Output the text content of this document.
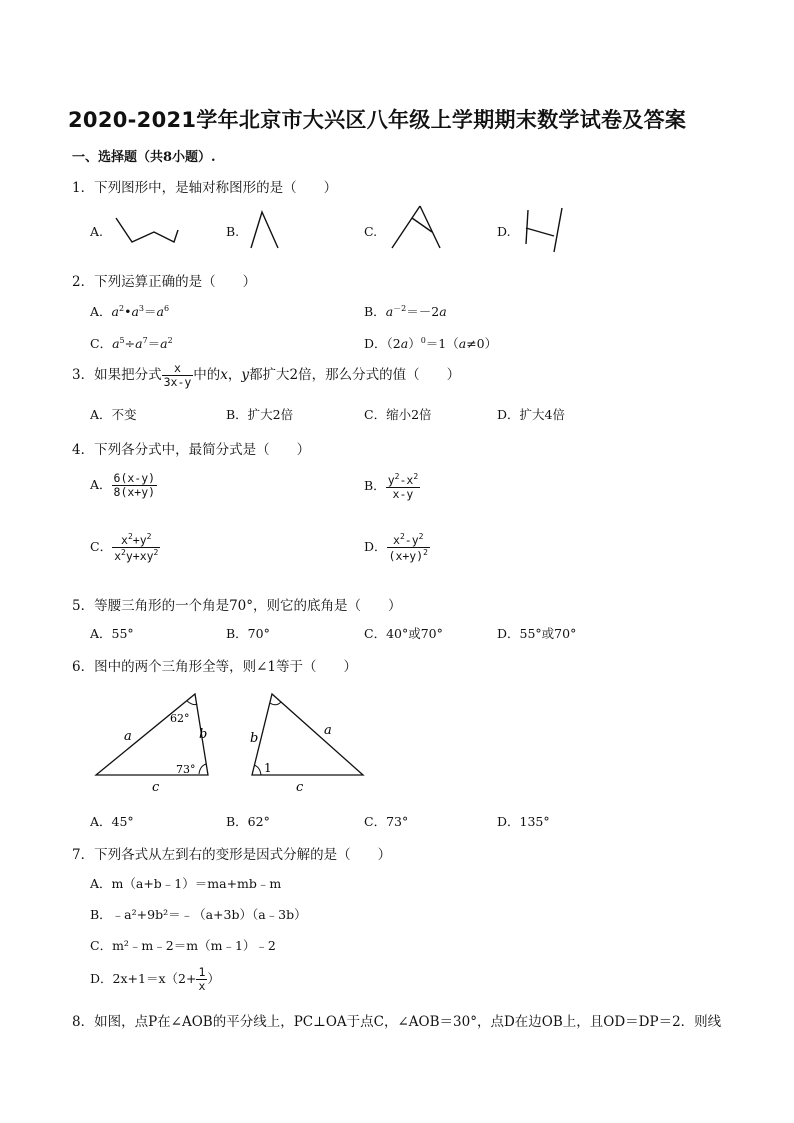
2020-2021学年北京市大兴区八年级上学期期末数学试卷及答案
一、选择题（共8小题）.
1．下列图形中，是轴对称图形的是（　　）
A.	B.	C.	D.
2．下列运算正确的是（　　）
A．$a^2•a^3=a^6$	B．$a^{-2}=-2a$
C．$a^5\div a^7=a^2$	D．$(2a)^0=1(a\ne 0)$
3．如果把分式 $\frac{x}{3x-y}$ 中的x，y都扩大2倍，那么分式的值（　　）
A．不变	B．扩大2倍	C．缩小2倍	D．扩大4倍
4．下列各分式中，最简分式是（　　）
A． $\frac{6(x-y)}{8(x+y)}$	B． $\frac{y^2-x^2}{x-y}$
C． $\frac{x^2+y^2}{x^2y+xy^2}$	D． $\frac{x^2-y^2}{(x+y)^2}$
5．等腰三角形的一个角是70°，则它的底角是（　　）
A．55°	B．70°	C．40°或70°	D．55°或70°
6．图中的两个三角形全等，则∠1等于（　　）
a	b
c
62°
73°
b
a
c
1
A．45°	B．62°	C．73°	D．135°
7．下列各式从左到右的变形是因式分解的是（　　）
A．m（a+b﹣1）＝ma+mb﹣m
B．﹣a²+9b²＝﹣（a+3b）（a﹣3b）
C．m²﹣m﹣2＝m（m﹣1）﹣2
D．$2x+1=x(2+ \frac{1}{x}$ ）
8．如图，点P在∠AOB的平分线上，PC⊥OA于点C，∠AOB＝30°，点D在边OB上，且OD＝DP＝2．则线
